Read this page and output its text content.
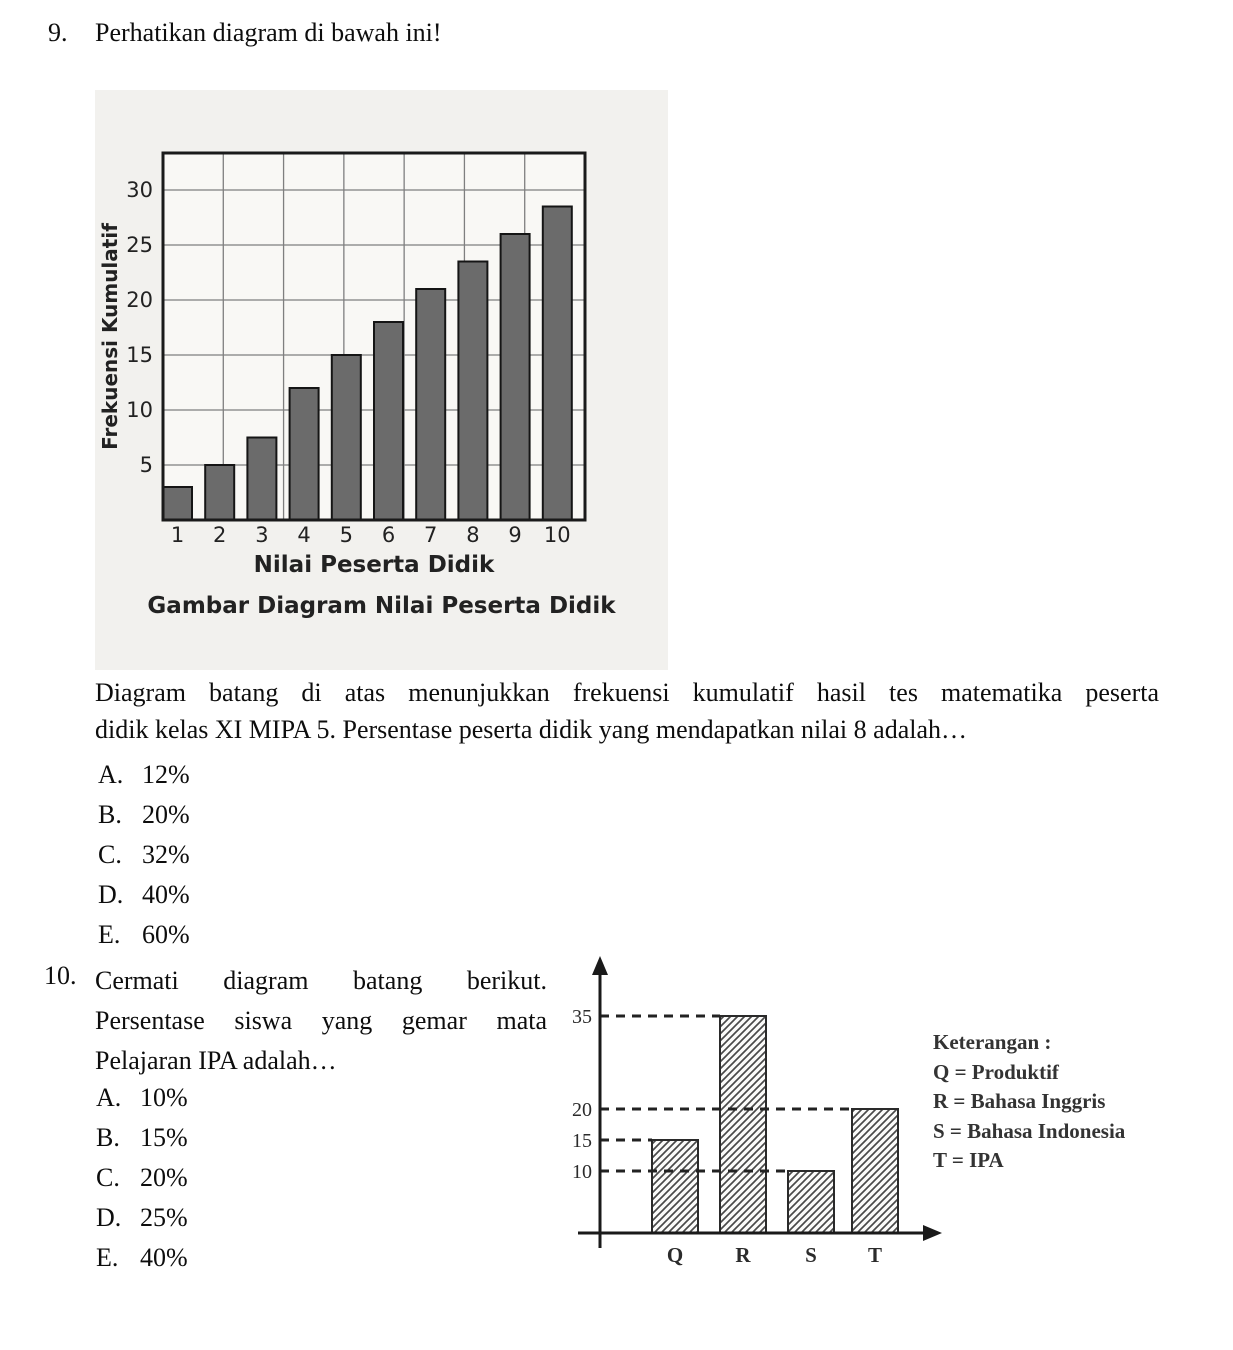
9. Perhatikan diagram di bawah ini!
5
10
15
20
25
30
1 2 3 4 5 6 7 8 9 10
Frekuensi Kumulatif
Nilai Peserta Didik
Gambar Diagram Nilai Peserta Didik
Diagram batang di atas menunjukkan frekuensi kumulatif hasil tes matematika peserta
didik kelas XI MIPA 5. Persentase peserta didik yang mendapatkan nilai 8 adalah…
A. 12%
B. 20%
C. 32%
D. 40%
E. 60%
10. Cermati diagram batang berikut.
Persentase siswa yang gemar mata
Pelajaran IPA adalah…
A. 10%
B. 15%
C. 20%
D. 25%
E. 40%
10
15
20
35
Q R	S T
Keterangan :
Q = Produktif
R = Bahasa Inggris
S = Bahasa Indonesia
T = IPA
